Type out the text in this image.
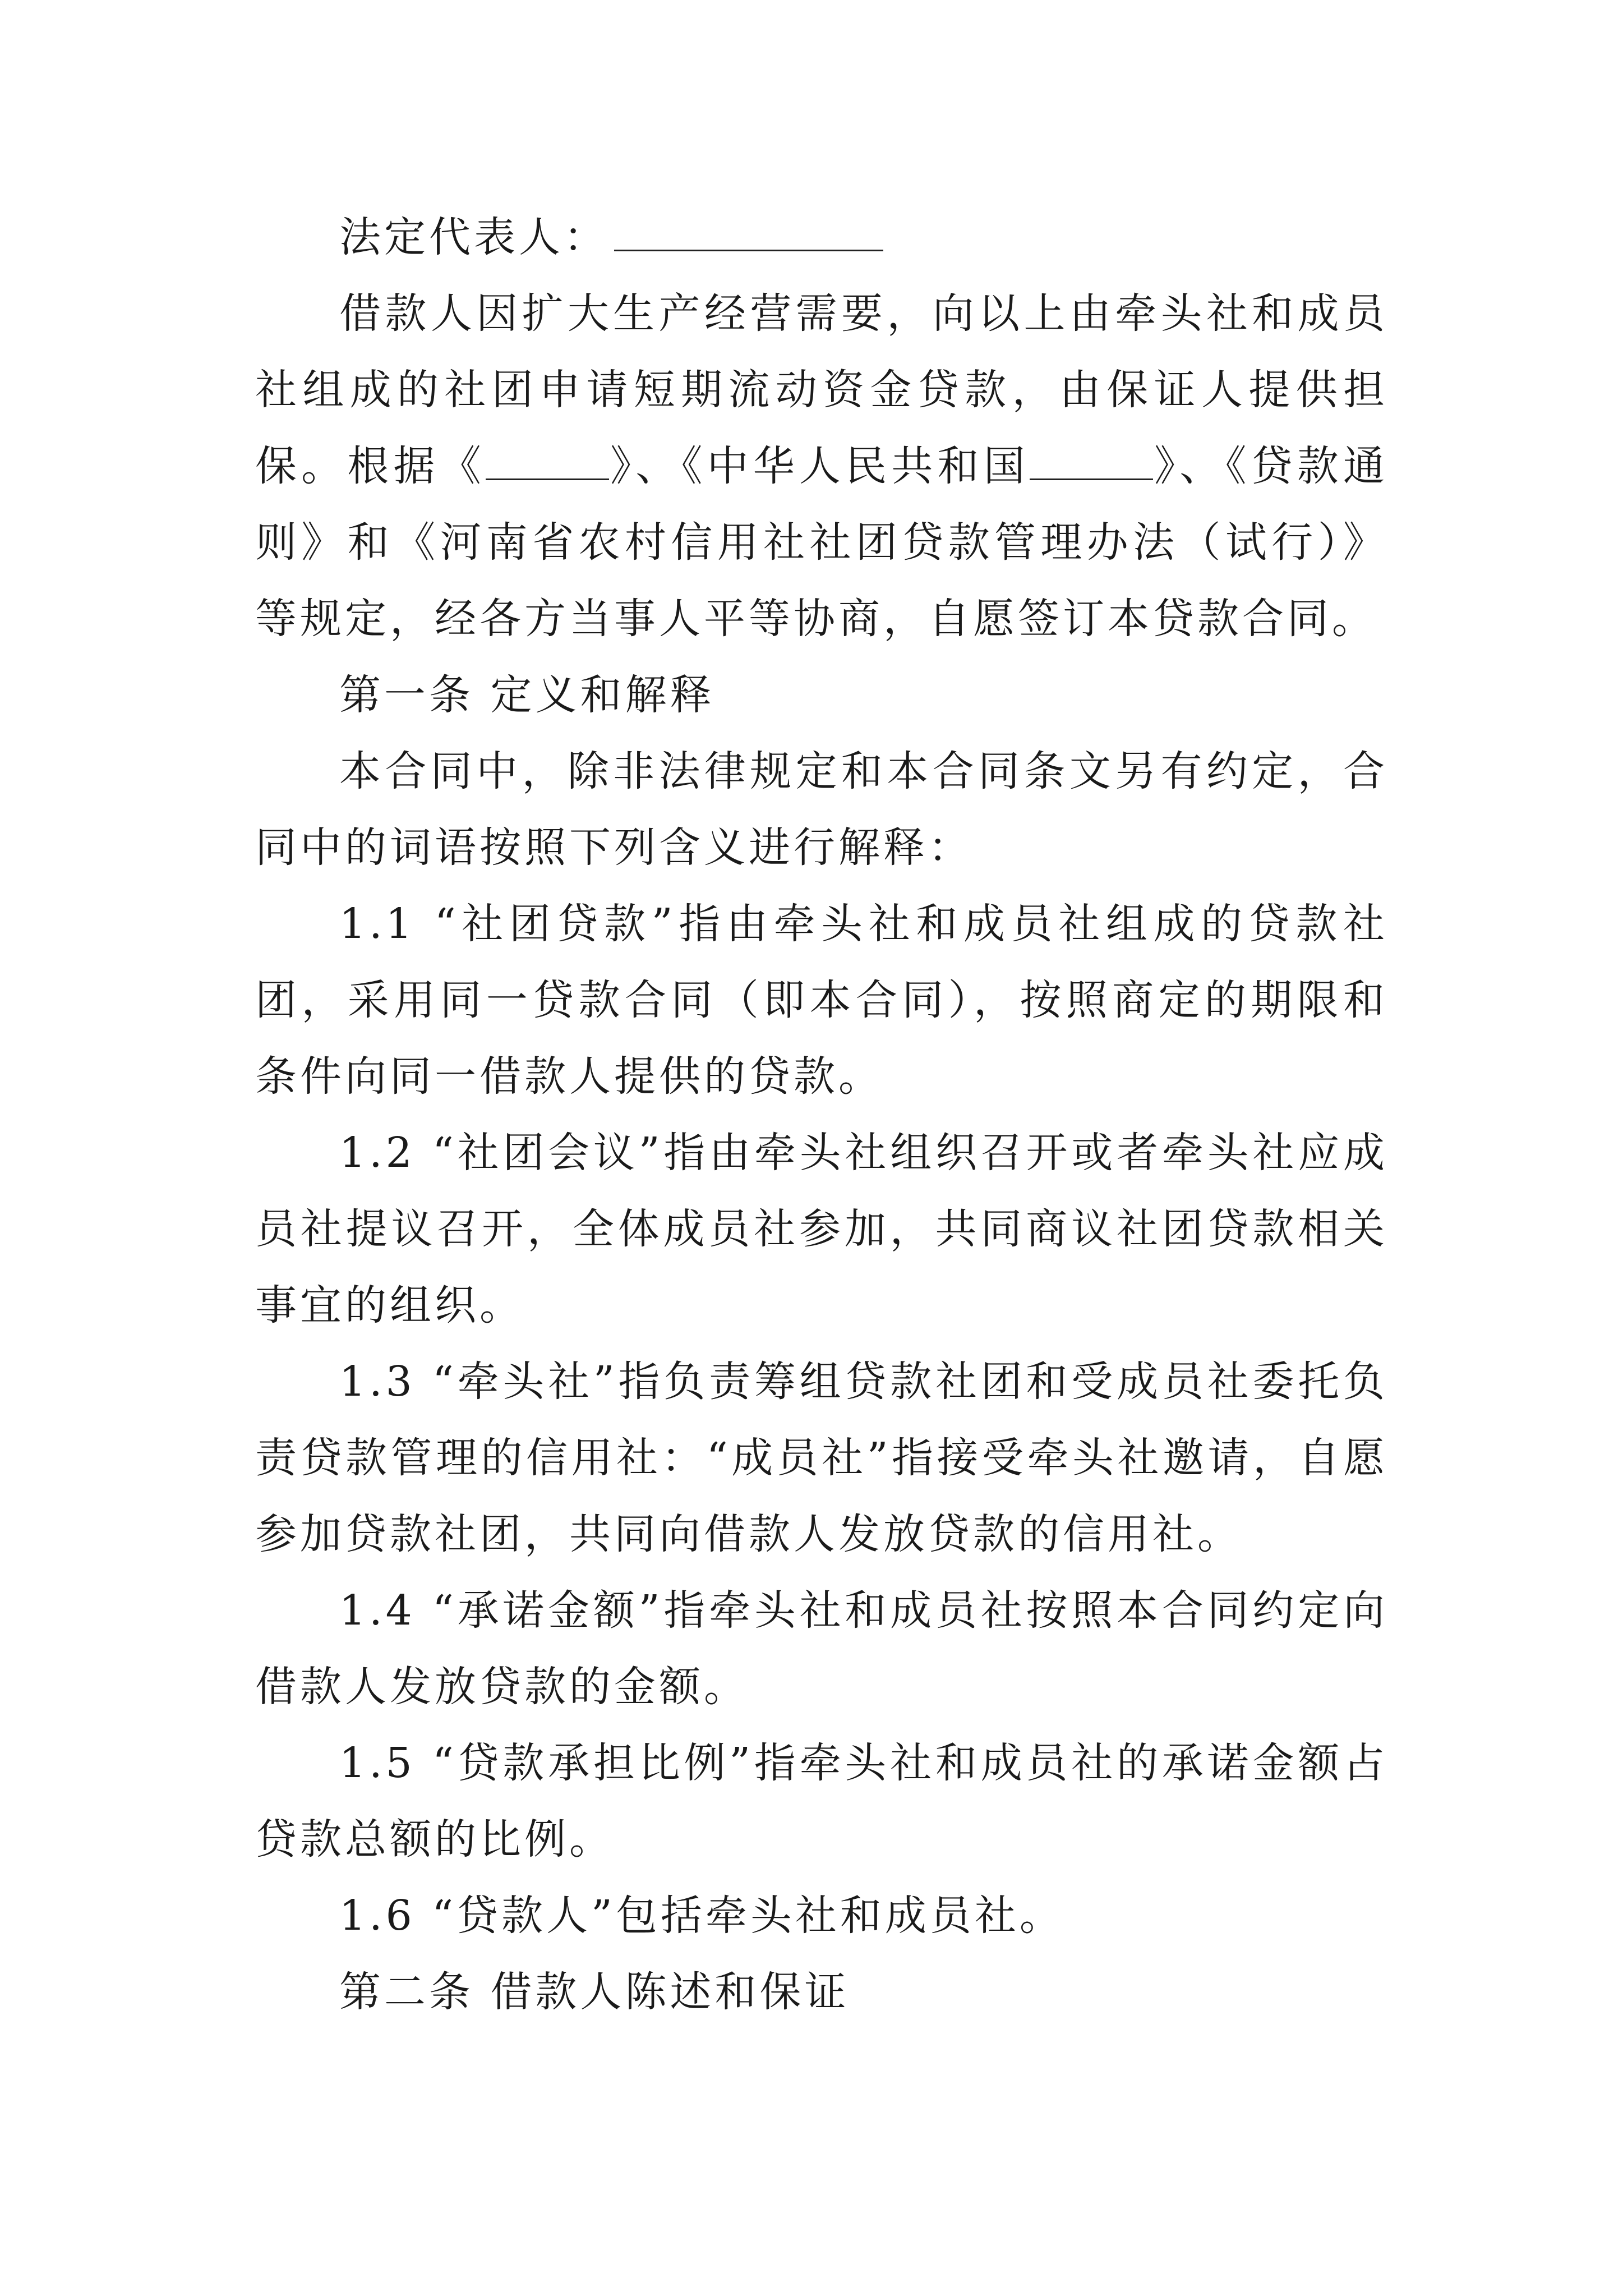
法定代表人：

借款人因扩大生产经营需要，向以上由牵头社和成员社组成的社团申请短期流动资金贷款，由保证人提供担保。根据《	》、《中华人民共和国	》、《贷款通则》和《河南省农村信用社社团贷款管理办法（试行）》等规定，经各方当事人平等协商，自愿签订本贷款合同。

第一条 定义和解释

本合同中，除非法律规定和本合同条文另有约定，合同中的词语按照下列含义进行解释：

1.1 “社团贷款”指由牵头社和成员社组成的贷款社团，采用同一贷款合同（即本合同），按照商定的期限和条件向同一借款人提供的贷款。

1.2 “社团会议”指由牵头社组织召开或者牵头社应成员社提议召开，全体成员社参加，共同商议社团贷款相关事宜的组织。

1.3 “牵头社”指负责筹组贷款社团和受成员社委托负责贷款管理的信用社：“成员社”指接受牵头社邀请，自愿参加贷款社团，共同向借款人发放贷款的信用社。

1.4 “承诺金额”指牵头社和成员社按照本合同约定向借款人发放贷款的金额。

1.5 “贷款承担比例”指牵头社和成员社的承诺金额占贷款总额的比例。

1.6 “贷款人”包括牵头社和成员社。

第二条 借款人陈述和保证
